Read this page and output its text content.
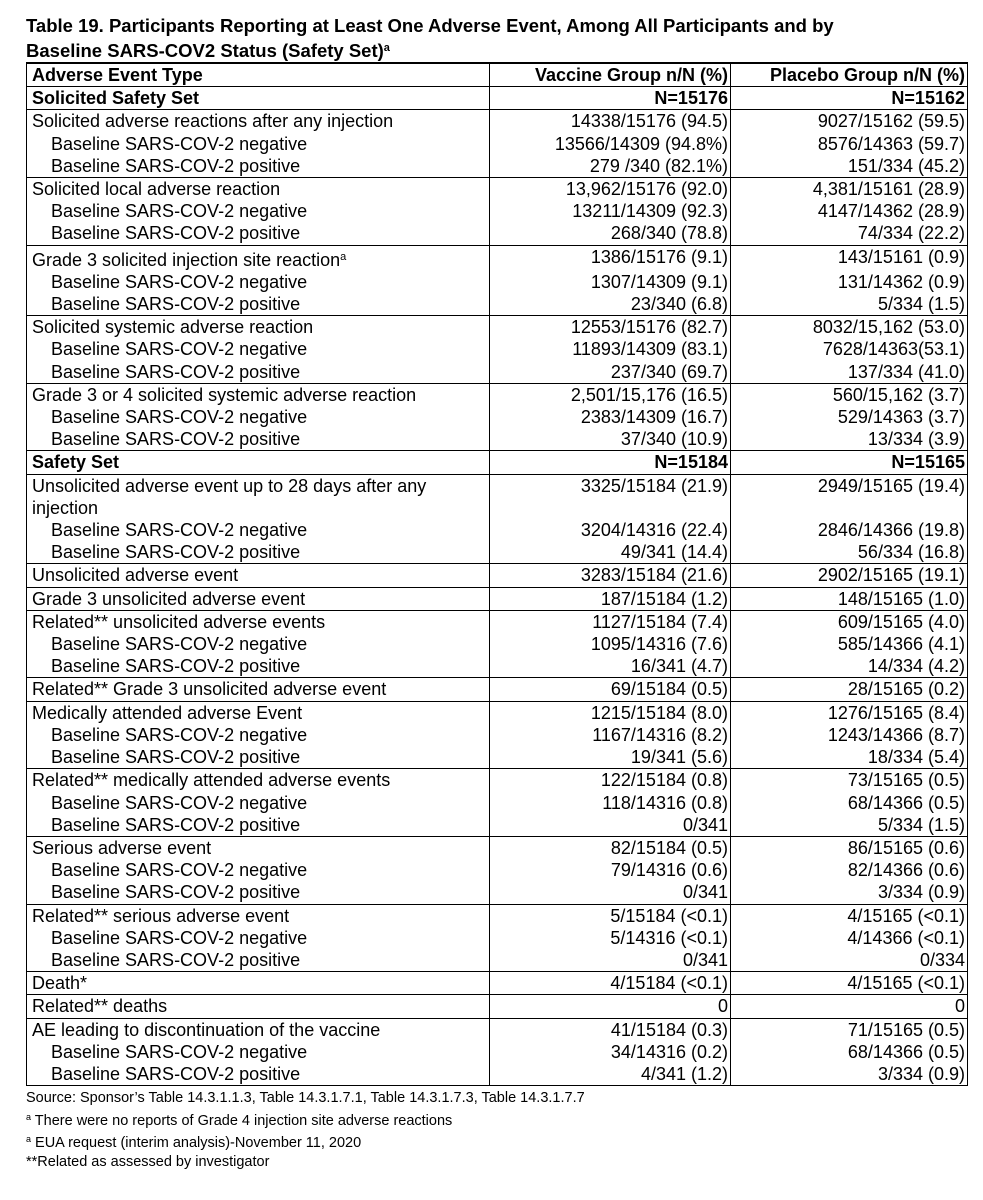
Table 19. Participants Reporting at Least One Adverse Event, Among All Participants and by
Baseline SARS-COV2 Status (Safety Set)$^a$
Adverse Event Type	Vaccine Group n/N (%)	Placebo Group n/N (%)
Solicited Safety Set	N=15176	N=15162
Solicited adverse reactions after any injection	14338/15176 (94.5)	9027/15162 (59.5)
Baseline SARS-COV-2 negative	13566/14309 (94.8%)	8576/14363 (59.7)
Baseline SARS-COV-2 positive	279 /340 (82.1%)	151/334 (45.2)
Solicited local adverse reaction	13,962/15176 (92.0)	4,381/15161 (28.9)
Baseline SARS-COV-2 negative	13211/14309 (92.3)	4147/14362 (28.9)
Baseline SARS-COV-2 positive	268/340 (78.8)	74/334 (22.2)
Grade 3 solicited injection site reaction$^a$	1386/15176 (9.1)	143/15161 (0.9)
Baseline SARS-COV-2 negative	1307/14309 (9.1)	131/14362 (0.9)
Baseline SARS-COV-2 positive	23/340 (6.8)	5/334 (1.5)
Solicited systemic adverse reaction	12553/15176 (82.7)	8032/15,162 (53.0)
Baseline SARS-COV-2 negative	11893/14309 (83.1)	7628/14363(53.1)
Baseline SARS-COV-2 positive	237/340 (69.7)	137/334 (41.0)
Grade 3 or 4 solicited systemic adverse reaction	2,501/15,176 (16.5)	560/15,162 (3.7)
Baseline SARS-COV-2 negative	2383/14309 (16.7)	529/14363 (3.7)
Baseline SARS-COV-2 positive	37/340 (10.9)	13/334 (3.9)
Safety Set	N=15184	N=15165
Unsolicited adverse event up to 28 days after any injection	3325/15184 (21.9)	2949/15165 (19.4)
Baseline SARS-COV-2 negative	3204/14316 (22.4)	2846/14366 (19.8)
Baseline SARS-COV-2 positive	49/341 (14.4)	56/334 (16.8)
Unsolicited adverse event	3283/15184 (21.6)	2902/15165 (19.1)
Grade 3 unsolicited adverse event	187/15184 (1.2)	148/15165 (1.0)
Related** unsolicited adverse events	1127/15184 (7.4)	609/15165 (4.0)
Baseline SARS-COV-2 negative	1095/14316 (7.6)	585/14366 (4.1)
Baseline SARS-COV-2 positive	16/341 (4.7)	14/334 (4.2)
Related** Grade 3 unsolicited adverse event	69/15184 (0.5)	28/15165 (0.2)
Medically attended adverse Event	1215/15184 (8.0)	1276/15165 (8.4)
Baseline SARS-COV-2 negative	1167/14316 (8.2)	1243/14366 (8.7)
Baseline SARS-COV-2 positive	19/341 (5.6)	18/334 (5.4)
Related** medically attended adverse events	122/15184 (0.8)	73/15165 (0.5)
Baseline SARS-COV-2 negative	118/14316 (0.8)	68/14366 (0.5)
Baseline SARS-COV-2 positive	0/341	5/334 (1.5)
Serious adverse event	82/15184 (0.5)	86/15165 (0.6)
Baseline SARS-COV-2 negative	79/14316 (0.6)	82/14366 (0.6)
Baseline SARS-COV-2 positive	0/341	3/334 (0.9)
Related** serious adverse event	5/15184 (<0.1)	4/15165 (<0.1)
Baseline SARS-COV-2 negative	5/14316 (<0.1)	4/14366 (<0.1)
Baseline SARS-COV-2 positive	0/341	0/334
Death*	4/15184 (<0.1)	4/15165 (<0.1)
Related** deaths	0	0
AE leading to discontinuation of the vaccine	41/15184 (0.3)	71/15165 (0.5)
Baseline SARS-COV-2 negative	34/14316 (0.2)	68/14366 (0.5)
Baseline SARS-COV-2 positive	4/341 (1.2)	3/334 (0.9)
Source: Sponsor’s Table 14.3.1.1.3, Table 14.3.1.7.1, Table 14.3.1.7.3, Table 14.3.1.7.7
$^a$ There were no reports of Grade 4 injection site adverse reactions
$^a$ EUA request (interim analysis)-November 11, 2020
**Related as assessed by investigator
